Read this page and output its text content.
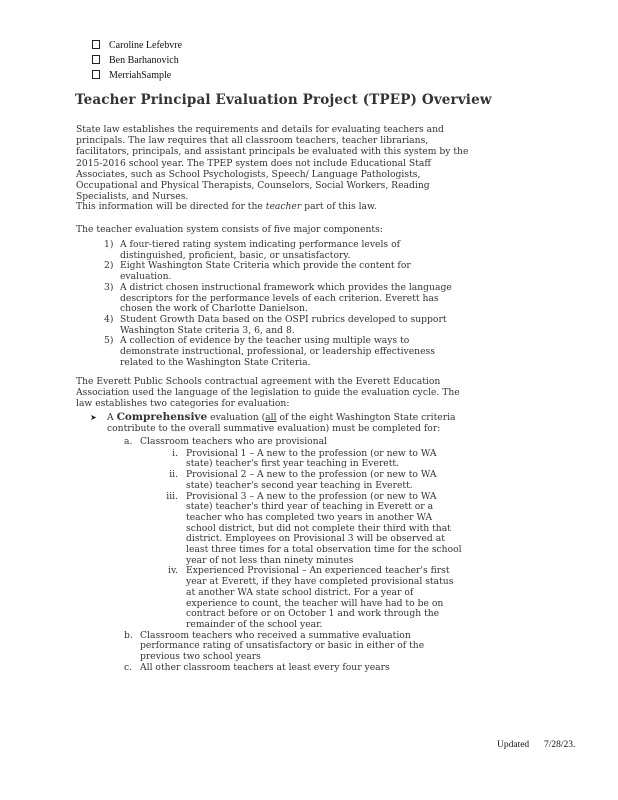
Caroline Lefebvre
Ben Barhanovich
MerriahSample
Teacher Principal Evaluation Project (TPEP) Overview
State law establishes the requirements and details for evaluating teachers and principals. The law requires that all classroom teachers, teacher librarians, facilitators, principals, and assistant principals be evaluated with this system by the 2015-2016 school year. The TPEP system does not include Educational Staff Associates, such as School Psychologists, Speech/ Language Pathologists, Occupational and Physical Therapists, Counselors, Social Workers, Reading Specialists, and Nurses.
This information will be directed for the teacher part of this law.
The teacher evaluation system consists of five major components:
1) A four-tiered rating system indicating performance levels of distinguished, proficient, basic, or unsatisfactory.
2) Eight Washington State Criteria which provide the content for evaluation.
3) A district chosen instructional framework which provides the language descriptors for the performance levels of each criterion. Everett has chosen the work of Charlotte Danielson.
4) Student Growth Data based on the OSPI rubrics developed to support Washington State criteria 3, 6, and 8.
5) A collection of evidence by the teacher using multiple ways to demonstrate instructional, professional, or leadership effectiveness related to the Washington State Criteria.
The Everett Public Schools contractual agreement with the Everett Education Association used the language of the legislation to guide the evaluation cycle. The law establishes two categories for evaluation:
➤	A Comprehensive evaluation (all of the eight Washington State criteria contribute to the overall summative evaluation) must be completed for:
a. Classroom teachers who are provisional
i. Provisional 1 – A new to the profession (or new to WA state) teacher's first year teaching in Everett.
ii. Provisional 2 – A new to the profession (or new to WA state) teacher's second year teaching in Everett.
iii. Provisional 3 – A new to the profession (or new to WA state) teacher's third year of teaching in Everett or a teacher who has completed two years in another WA school district, but did not complete their third with that district. Employees on Provisional 3 will be observed at least three times for a total observation time for the school year of not less than ninety minutes
iv. Experienced Provisional – An experienced teacher's first year at Everett, if they have completed provisional status at another WA state school district. For a year of experience to count, the teacher will have had to be on contract before or on October 1 and work through the remainder of the school year.
b. Classroom teachers who received a summative evaluation performance rating of unsatisfactory or basic in either of the previous two school years
c. All other classroom teachers at least every four years
Updated 7/28/23.
